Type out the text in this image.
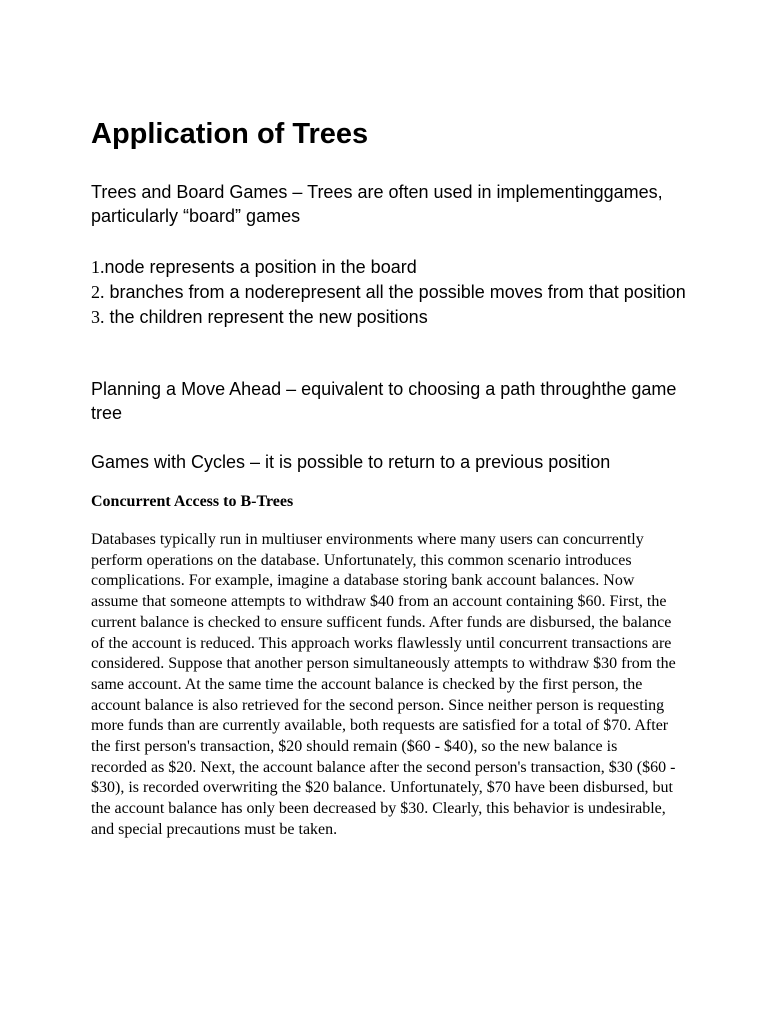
Application of Trees

Trees and Board Games – Trees are often used in implementinggames, particularly “board” games

1.node represents a position in the board

2. branches from a noderepresent all the possible moves from that position

3. the children represent the new positions

Planning a Move Ahead – equivalent to choosing a path throughthe game tree

Games with Cycles – it is possible to return to a previous position

Concurrent Access to B-Trees

Databases typically run in multiuser environments where many users can concurrently perform operations on the database. Unfortunately, this common scenario introduces complications. For example, imagine a database storing bank account balances. Now assume that someone attempts to withdraw $40 from an account containing $60. First, the current balance is checked to ensure sufficent funds. After funds are disbursed, the balance of the account is reduced. This approach works flawlessly until concurrent transactions are considered. Suppose that another person simultaneously attempts to withdraw $30 from the same account. At the same time the account balance is checked by the first person, the account balance is also retrieved for the second person. Since neither person is requesting more funds than are currently available, both requests are satisfied for a total of $70. After the first person's transaction, $20 should remain ($60 - $40), so the new balance is recorded as $20. Next, the account balance after the second person's transaction, $30 ($60 - $30), is recorded overwriting the $20 balance. Unfortunately, $70 have been disbursed, but the account balance has only been decreased by $30. Clearly, this behavior is undesirable, and special precautions must be taken.
